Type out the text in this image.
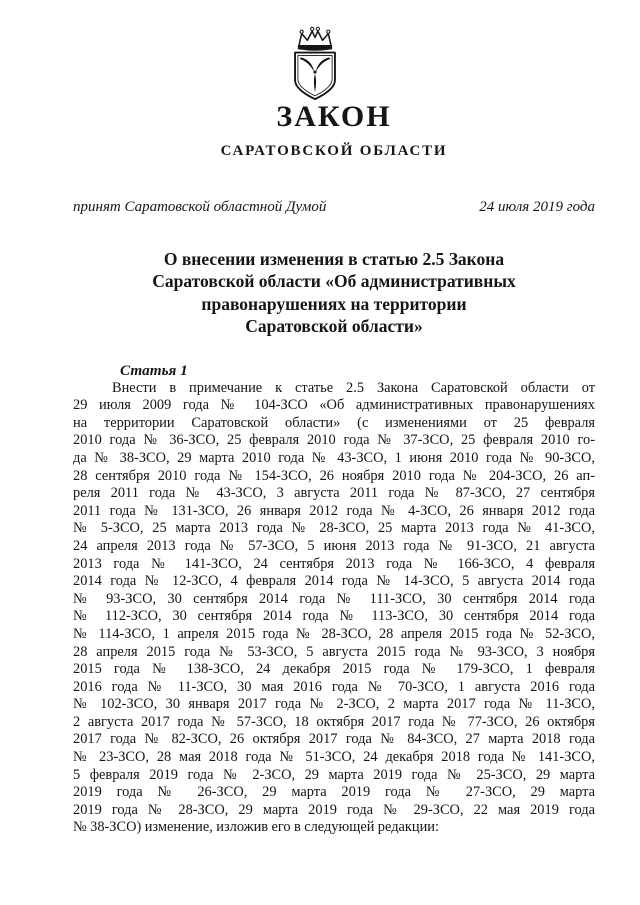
ЗАКОН
САРАТОВСКОЙ ОБЛАСТИ
принят Саратовской областной Думой	24 июля 2019 года
О внесении изменения в статью 2.5 Закона
Саратовской области «Об административных
правонарушениях на территории
Саратовской области»
Статья 1
Внести в примечание к статье 2.5 Закона Саратовской области от
29 июля 2009 года № 104-ЗСО «Об административных правонарушениях
на территории Саратовской области» (с изменениями от 25 февраля
2010 года № 36-ЗСО, 25 февраля 2010 года № 37-ЗСО, 25 февраля 2010 го-
да № 38-ЗСО, 29 марта 2010 года № 43-ЗСО, 1 июня 2010 года № 90-ЗСО,
28 сентября 2010 года № 154-ЗСО, 26 ноября 2010 года № 204-ЗСО, 26 ап-
реля 2011 года № 43-ЗСО, 3 августа 2011 года № 87-ЗСО, 27 сентября
2011 года № 131-ЗСО, 26 января 2012 года № 4-ЗСО, 26 января 2012 года
№ 5-ЗСО, 25 марта 2013 года № 28-ЗСО, 25 марта 2013 года № 41-ЗСО,
24 апреля 2013 года № 57-ЗСО, 5 июня 2013 года № 91-ЗСО, 21 августа
2013 года № 141-ЗСО, 24 сентября 2013 года № 166-ЗСО, 4 февраля
2014 года № 12-ЗСО, 4 февраля 2014 года № 14-ЗСО, 5 августа 2014 года
№ 93-ЗСО, 30 сентября 2014 года № 111-ЗСО, 30 сентября 2014 года
№ 112-ЗСО, 30 сентября 2014 года № 113-ЗСО, 30 сентября 2014 года
№ 114-ЗСО, 1 апреля 2015 года № 28-ЗСО, 28 апреля 2015 года № 52-ЗСО,
28 апреля 2015 года № 53-ЗСО, 5 августа 2015 года № 93-ЗСО, 3 ноября
2015 года № 138-ЗСО, 24 декабря 2015 года № 179-ЗСО, 1 февраля
2016 года № 11-ЗСО, 30 мая 2016 года № 70-ЗСО, 1 августа 2016 года
№ 102-ЗСО, 30 января 2017 года № 2-ЗСО, 2 марта 2017 года № 11-ЗСО,
2 августа 2017 года № 57-ЗСО, 18 октября 2017 года № 77-ЗСО, 26 октября
2017 года № 82-ЗСО, 26 октября 2017 года № 84-ЗСО, 27 марта 2018 года
№ 23-ЗСО, 28 мая 2018 года № 51-ЗСО, 24 декабря 2018 года № 141-ЗСО,
5 февраля 2019 года № 2-ЗСО, 29 марта 2019 года № 25-ЗСО, 29 марта
2019 года № 26-ЗСО, 29 марта 2019 года № 27-ЗСО, 29 марта
2019 года № 28-ЗСО, 29 марта 2019 года № 29-ЗСО, 22 мая 2019 года
№ 38-ЗСО) изменение, изложив его в следующей редакции:
